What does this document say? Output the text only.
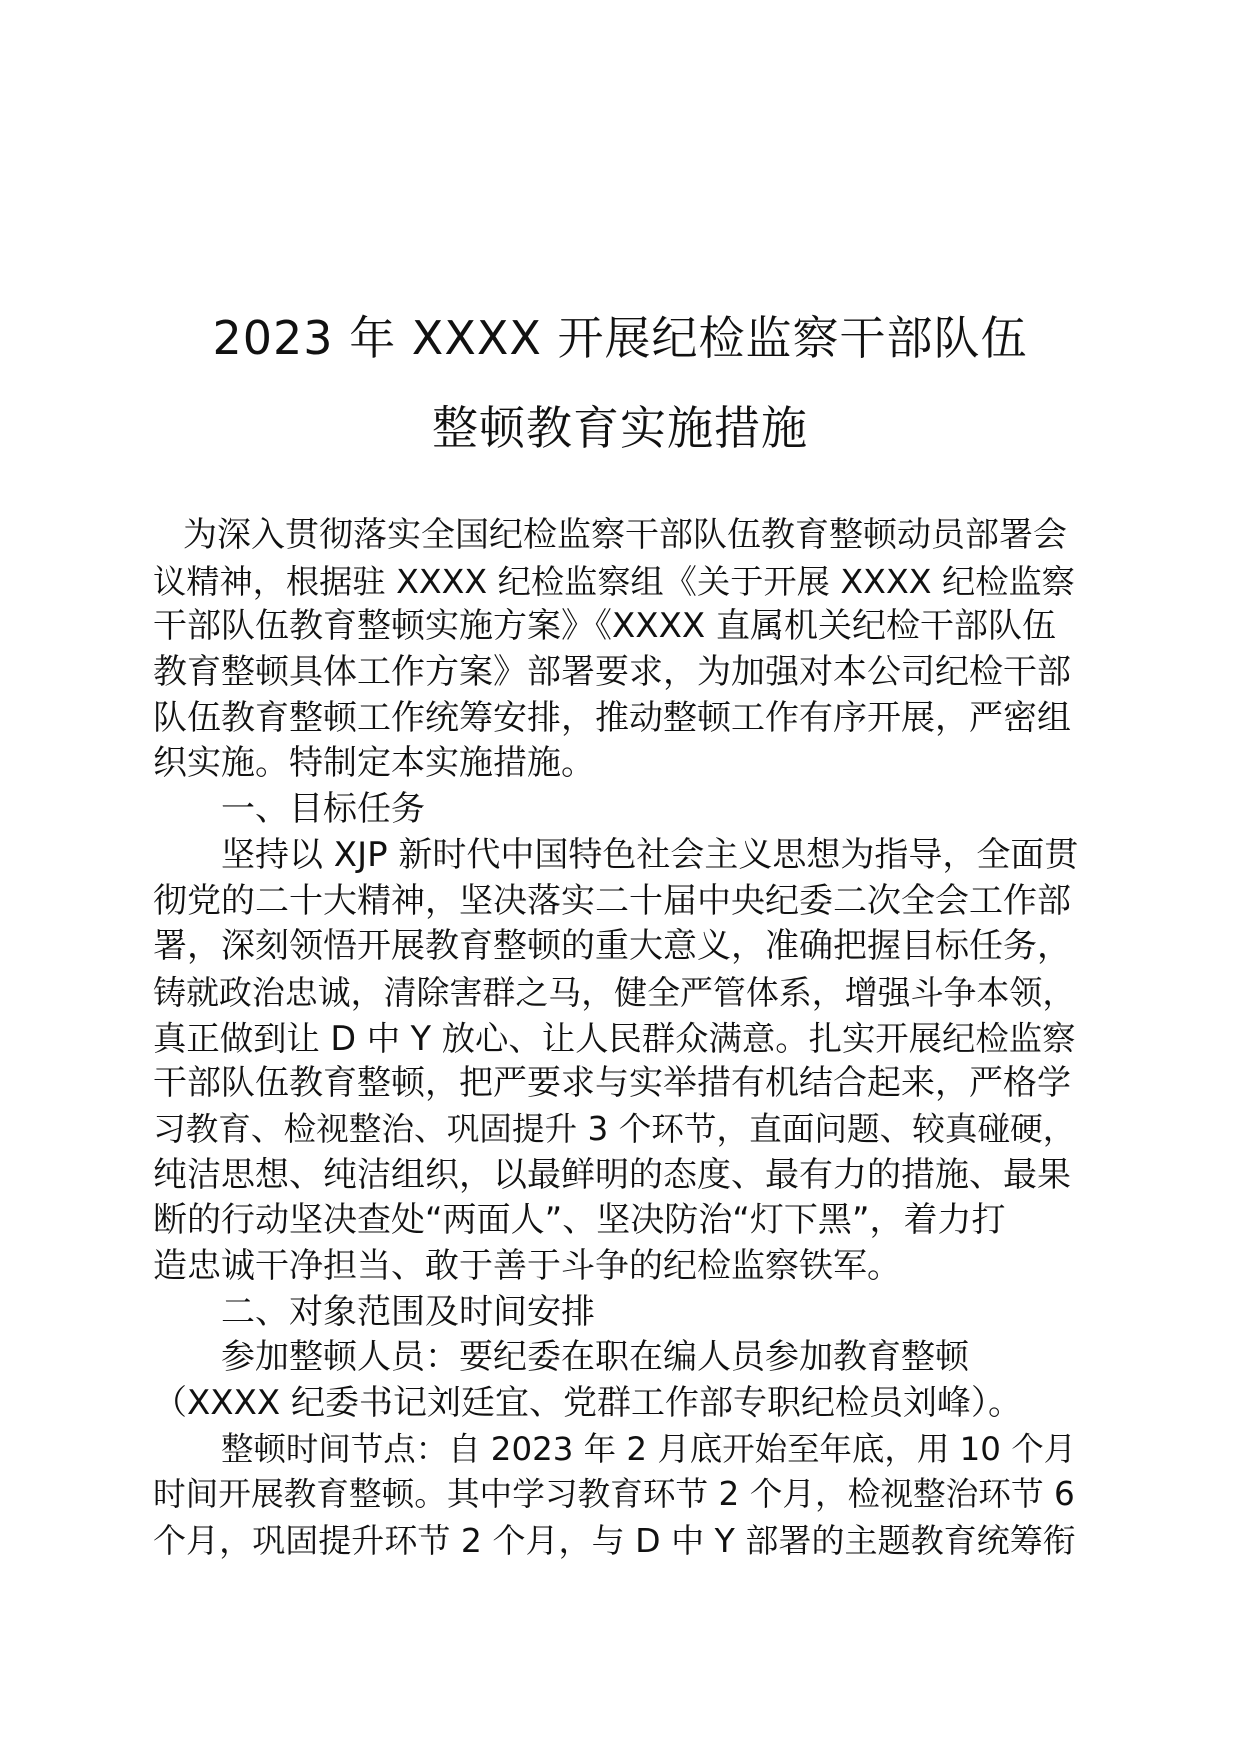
2023 年 XXXX 开展纪检监察干部队伍
整顿教育实施措施
为深入贯彻落实全国纪检监察干部队伍教育整顿动员部署会
议精神，根据驻 XXXX 纪检监察组《关于开展 XXXX 纪检监察
干部队伍教育整顿实施方案》《XXXX 直属机关纪检干部队伍
教育整顿具体工作方案》部署要求，为加强对本公司纪检干部
队伍教育整顿工作统筹安排，推动整顿工作有序开展，严密组
织实施。特制定本实施措施。
一、目标任务
坚持以 XJP 新时代中国特色社会主义思想为指导，全面贯
彻党的二十大精神，坚决落实二十届中央纪委二次全会工作部
署，深刻领悟开展教育整顿的重大意义，准确把握目标任务，
铸就政治忠诚，清除害群之马，健全严管体系，增强斗争本领，
真正做到让 D 中 Y 放心、让人民群众满意。扎实开展纪检监察
干部队伍教育整顿，把严要求与实举措有机结合起来，严格学
习教育、检视整治、巩固提升 3 个环节，直面问题、较真碰硬，
纯洁思想、纯洁组织，以最鲜明的态度、最有力的措施、最果
断的行动坚决查处“两面人”、坚决防治“灯下黑”，着力打
造忠诚干净担当、敢于善于斗争的纪检监察铁军。
二、对象范围及时间安排
参加整顿人员：要纪委在职在编人员参加教育整顿
（XXXX 纪委书记刘廷宜、党群工作部专职纪检员刘峰）。
整顿时间节点：自 2023 年 2 月底开始至年底，用 10 个月
时间开展教育整顿。其中学习教育环节 2 个月，检视整治环节 6
个月，巩固提升环节 2 个月，与 D 中 Y 部署的主题教育统筹衔
